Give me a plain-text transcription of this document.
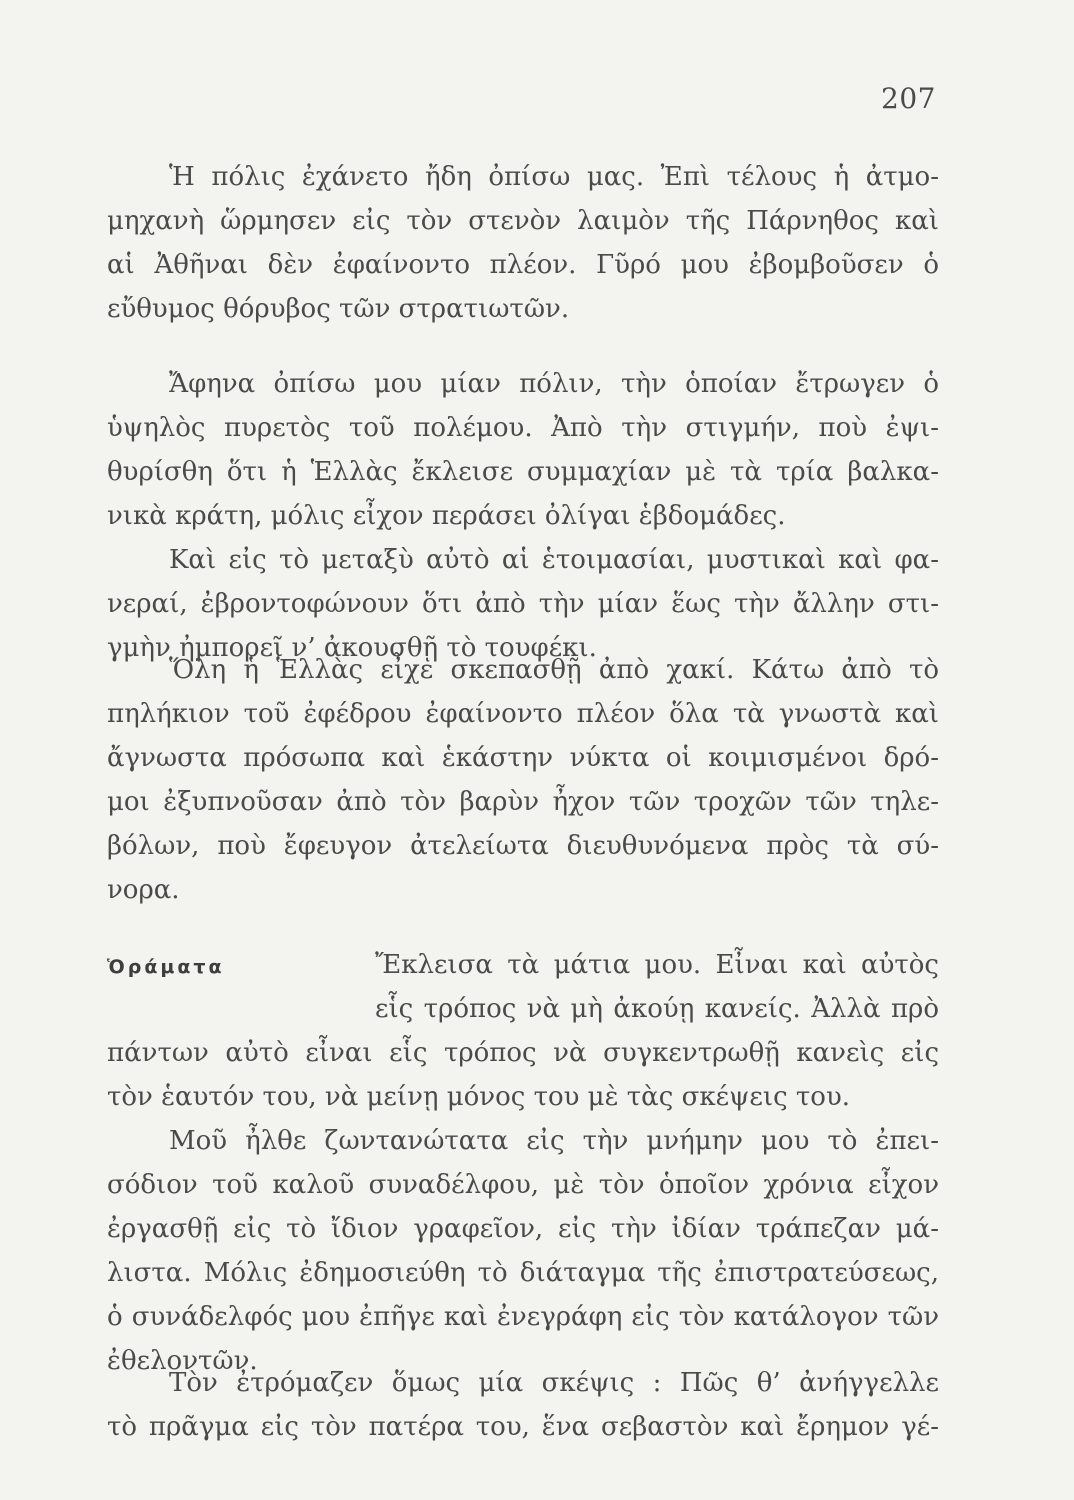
207
Ἡ πόλις ἐχάνετο ἤδη ὀπίσω μας. Ἐπὶ τέλους ἡ ἀτμο-
μηχανὴ ὥρμησεν εἰς τὸν στενὸν λαιμὸν τῆς Πάρνηθος καὶ
αἱ Ἀθῆναι δὲν ἐφαίνοντο πλέον. Γῦρό μου ἐβομβοῦσεν ὁ
εὔθυμος θόρυβος τῶν στρατιωτῶν.
Ἄφηνα ὀπίσω μου μίαν πόλιν, τὴν ὁποίαν ἔτρωγεν ὁ
ὑψηλὸς πυρετὸς τοῦ πολέμου. Ἀπὸ τὴν στιγμήν, ποὺ ἐψι-
θυρίσθη ὅτι ἡ Ἑλλὰς ἔκλεισε συμμαχίαν μὲ τὰ τρία βαλκα-
νικὰ κράτη, μόλις εἶχον περάσει ὀλίγαι ἑβδομάδες.
Καὶ εἰς τὸ μεταξὺ αὐτὸ αἱ ἑτοιμασίαι, μυστικαὶ καὶ φα-
νεραί, ἐβροντοφώνουν ὅτι ἀπὸ τὴν μίαν ἕως τὴν ἄλλην στι-
γμὴν ἠμπορεῖ ν’ ἀκουσθῇ τὸ τουφέκι.
Ὅλη ἡ Ἑλλὰς εἶχε σκεπασθῇ ἀπὸ χακί. Κάτω ἀπὸ τὸ
πηλήκιον τοῦ ἐφέδρου ἐφαίνοντο πλέον ὅλα τὰ γνωστὰ καὶ
ἄγνωστα πρόσωπα καὶ ἑκάστην νύκτα οἱ κοιμισμένοι δρό-
μοι ἐξυπνοῦσαν ἀπὸ τὸν βαρὺν ἦχον τῶν τροχῶν τῶν τηλε-
βόλων, ποὺ ἔφευγον ἀτελείωτα διευθυνόμενα πρὸς τὰ σύ-
νορα.
Ὁράματα	Ἔκλεισα τὰ μάτια μου. Εἶναι καὶ αὐτὸς
εἷς τρόπος νὰ μὴ ἀκούῃ κανείς. Ἀλλὰ πρὸ
πάντων αὐτὸ εἶναι εἷς τρόπος νὰ συγκεντρωθῇ κανεὶς εἰς
τὸν ἑαυτόν του, νὰ μείνῃ μόνος του μὲ τὰς σκέψεις του.
Μοῦ ἦλθε ζωντανώτατα εἰς τὴν μνήμην μου τὸ ἐπει-
σόδιον τοῦ καλοῦ συναδέλφου, μὲ τὸν ὁποῖον χρόνια εἶχον
ἐργασθῇ εἰς τὸ ἴδιον γραφεῖον, εἰς τὴν ἰδίαν τράπεζαν μά-
λιστα. Μόλις ἐδημοσιεύθη τὸ διάταγμα τῆς ἐπιστρατεύσεως,
ὁ συνάδελφός μου ἐπῆγε καὶ ἐνεγράφη εἰς τὸν κατάλογον τῶν
ἐθελοντῶν.
Τὸν ἐτρόμαζεν ὅμως μία σκέψις : Πῶς θ’ ἀνήγγελλε
τὸ πρᾶγμα εἰς τὸν πατέρα του, ἕνα σεβαστὸν καὶ ἔρημον γέ-
